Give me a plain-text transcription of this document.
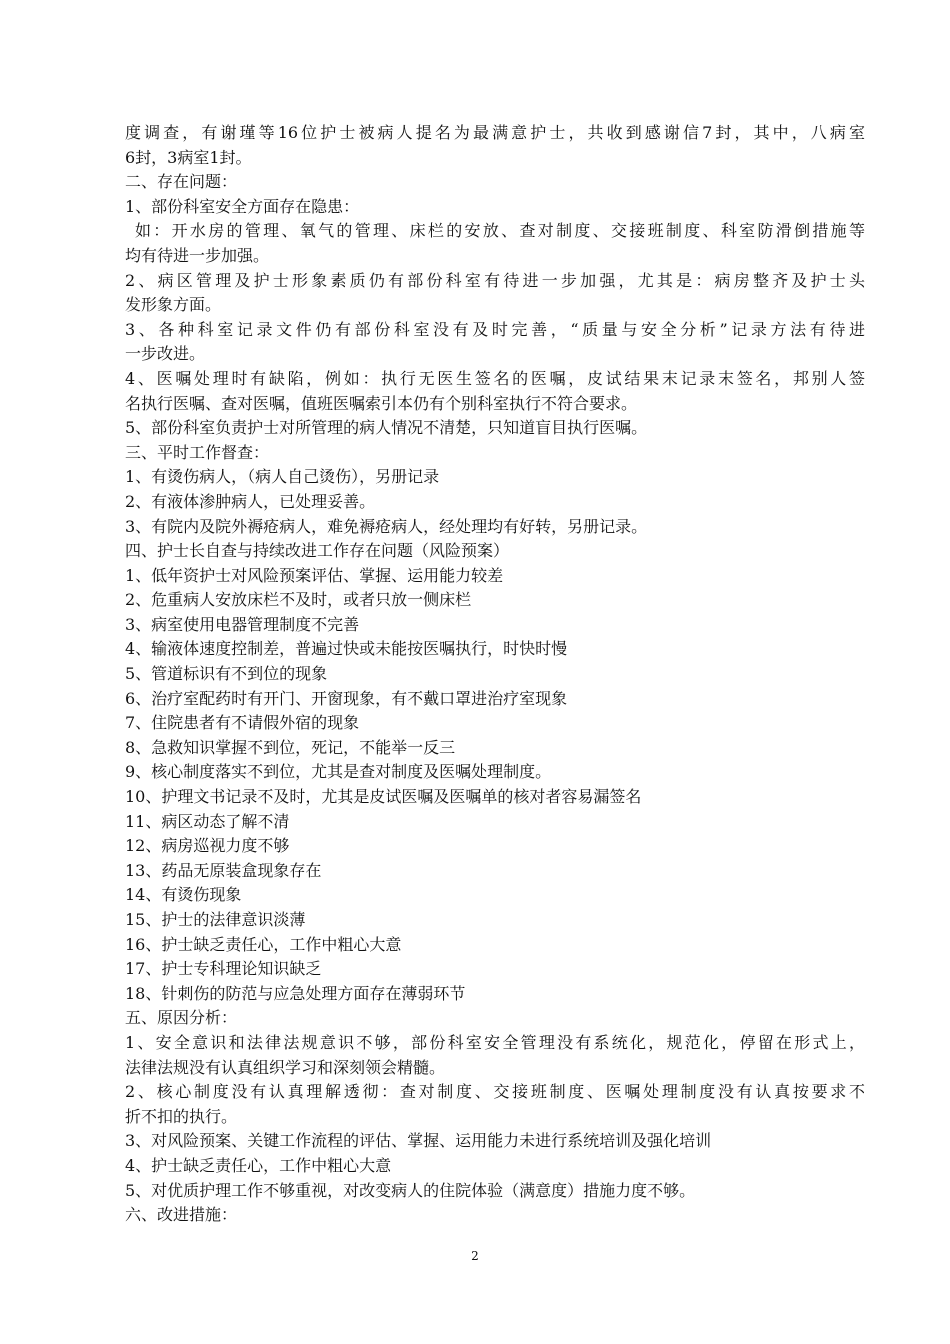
度调查，有谢瑾等16位护士被病人提名为最满意护士，共收到感谢信7封，其中，八病室
6封，3病室1封。
二、存在问题：
1、部份科室安全方面存在隐患：
如：开水房的管理、氧气的管理、床栏的安放、查对制度、交接班制度、科室防滑倒措施等
均有待进一步加强。
2、病区管理及护士形象素质仍有部份科室有待进一步加强，尤其是：病房整齐及护士头
发形象方面。
3、各种科室记录文件仍有部份科室没有及时完善，“质量与安全分析”记录方法有待进
一步改进。
4、医嘱处理时有缺陷，例如：执行无医生签名的医嘱，皮试结果末记录末签名，邦别人签
名执行医嘱、查对医嘱，值班医嘱索引本仍有个别科室执行不符合要求。
5、部份科室负责护士对所管理的病人情况不清楚，只知道盲目执行医嘱。
三、平时工作督查：
1、有烫伤病人，（病人自己烫伤），另册记录
2、有液体渗肿病人，已处理妥善。
3、有院内及院外褥疮病人，难免褥疮病人，经处理均有好转，另册记录。
四、护士长自查与持续改进工作存在问题（风险预案）
1、低年资护士对风险预案评估、掌握、运用能力较差
2、危重病人安放床栏不及时，或者只放一侧床栏
3、病室使用电器管理制度不完善
4、输液体速度控制差，普遍过快或未能按医嘱执行，时快时慢
5、管道标识有不到位的现象
6、治疗室配药时有开门、开窗现象，有不戴口罩进治疗室现象
7、住院患者有不请假外宿的现象
8、急救知识掌握不到位，死记，不能举一反三
9、核心制度落实不到位，尤其是查对制度及医嘱处理制度。
10、护理文书记录不及时，尤其是皮试医嘱及医嘱单的核对者容易漏签名
11、病区动态了解不清
12、病房巡视力度不够
13、药品无原装盒现象存在
14、有烫伤现象
15、护士的法律意识淡薄
16、护士缺乏责任心，工作中粗心大意
17、护士专科理论知识缺乏
18、针刺伤的防范与应急处理方面存在薄弱环节
五、原因分析：
1、安全意识和法律法规意识不够，部份科室安全管理没有系统化，规范化，停留在形式上，
法律法规没有认真组织学习和深刻领会精髓。
2、核心制度没有认真理解透彻：查对制度、交接班制度、医嘱处理制度没有认真按要求不
折不扣的执行。
3、对风险预案、关键工作流程的评估、掌握、运用能力未进行系统培训及强化培训
4、护士缺乏责任心，工作中粗心大意
5、对优质护理工作不够重视，对改变病人的住院体验（满意度）措施力度不够。
六、改进措施：
2
